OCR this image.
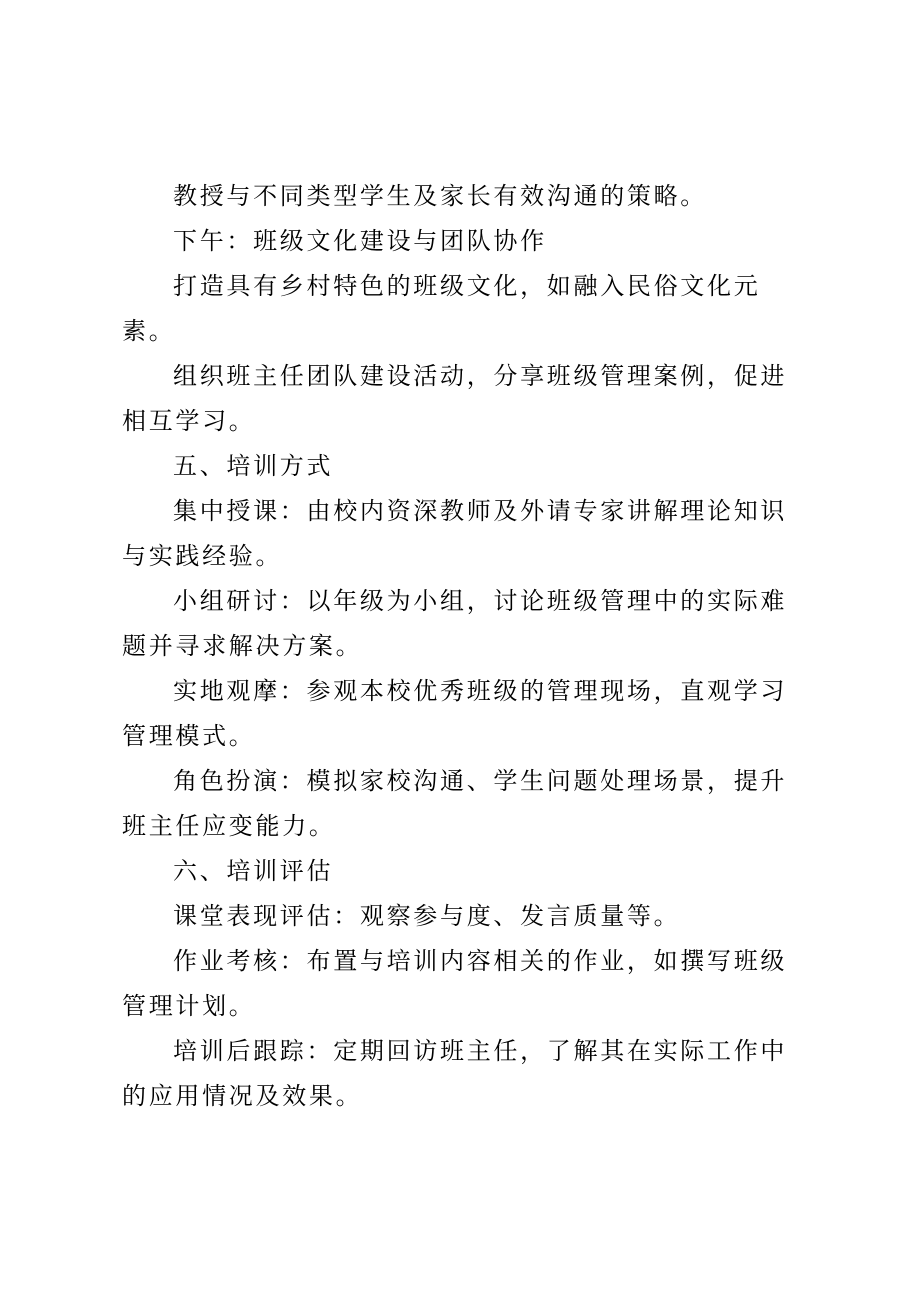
教授与不同类型学生及家长有效沟通的策略。

下午：班级文化建设与团队协作

打造具有乡村特色的班级文化，如融入民俗文化元素。

组织班主任团队建设活动，分享班级管理案例，促进相互学习。

五、培训方式

集中授课：由校内资深教师及外请专家讲解理论知识与实践经验。

小组研讨：以年级为小组，讨论班级管理中的实际难题并寻求解决方案。

实地观摩：参观本校优秀班级的管理现场，直观学习管理模式。

角色扮演：模拟家校沟通、学生问题处理场景，提升班主任应变能力。

六、培训评估

课堂表现评估：观察参与度、发言质量等。

作业考核：布置与培训内容相关的作业，如撰写班级管理计划。

培训后跟踪：定期回访班主任，了解其在实际工作中的应用情况及效果。
